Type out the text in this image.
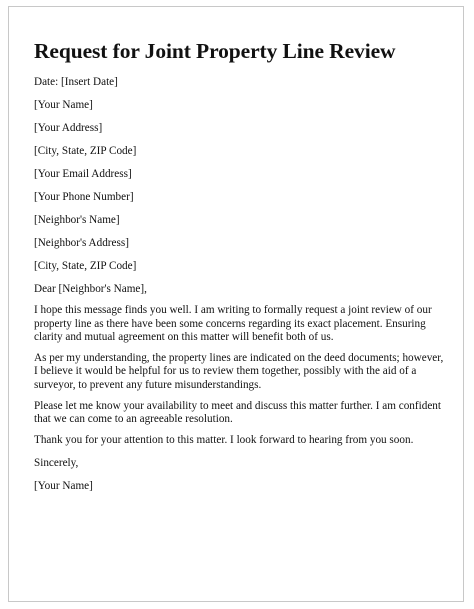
Request for Joint Property Line Review
Date: [Insert Date]
[Your Name]
[Your Address]
[City, State, ZIP Code]
[Your Email Address]
[Your Phone Number]
[Neighbor's Name]
[Neighbor's Address]
[City, State, ZIP Code]
Dear [Neighbor's Name],

I hope this message finds you well. I am writing to formally request a joint review of our property line as there have been some concerns regarding its exact placement. Ensuring clarity and mutual agreement on this matter will benefit both of us.

As per my understanding, the property lines are indicated on the deed documents; however, I believe it would be helpful for us to review them together, possibly with the aid of a surveyor, to prevent any future misunderstandings.

Please let me know your availability to meet and discuss this matter further. I am confident that we can come to an agreeable resolution.

Thank you for your attention to this matter. I look forward to hearing from you soon.

Sincerely,
[Your Name]
